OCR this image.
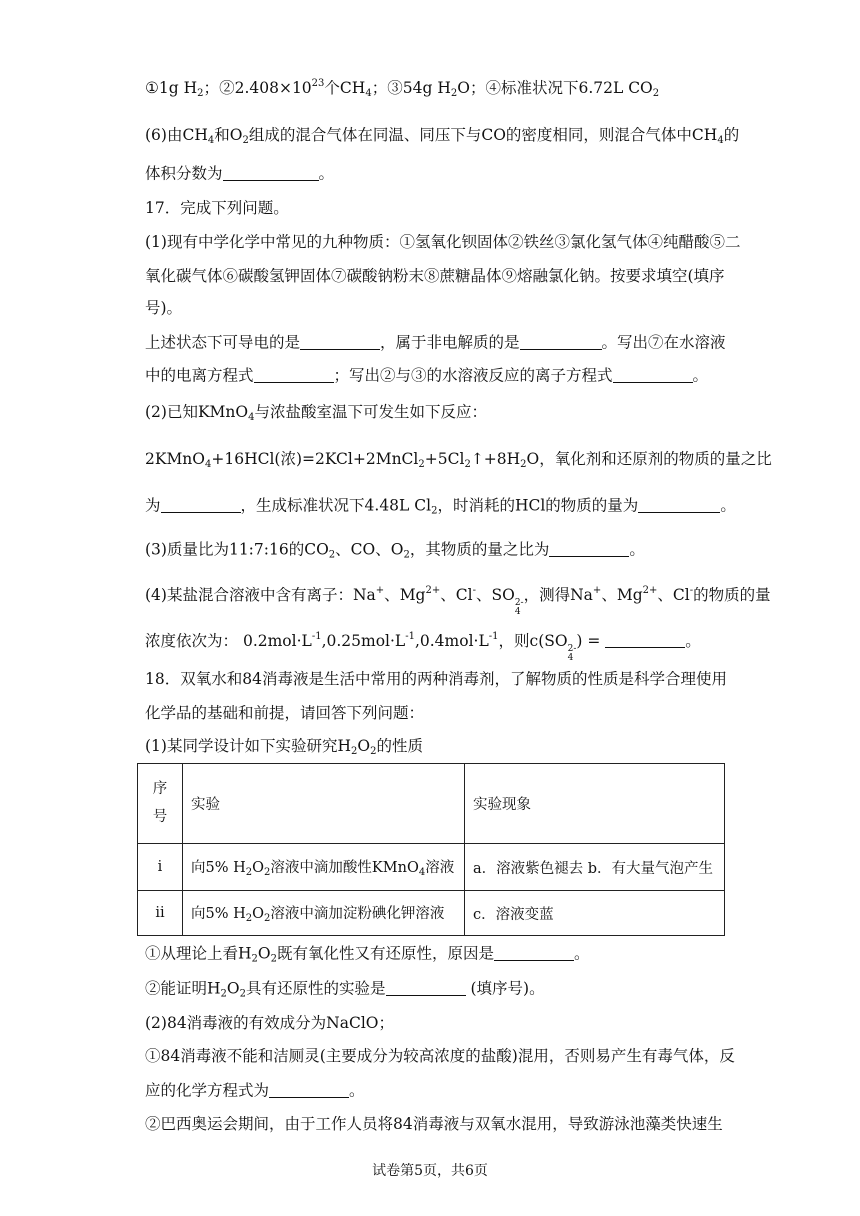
①1g $H_2$；$②2.408\times 10^{23}$个$CH_4$；③54g $H_2O$；④标准状况下6.72L $CO_2$
(6)由$CH_4$和$O_2$组成的混合气体在同温、同压下与CO的密度相同，则混合气体中$CH_4$的
体积分数为	。
17．完成下列问题。
(1)现有中学化学中常见的九种物质：①氢氧化钡固体②铁丝③氯化氢气体④纯醋酸⑤二
氧化碳气体⑥碳酸氢钾固体⑦碳酸钠粉末⑧蔗糖晶体⑨熔融氯化钠。按要求填空(填序
号)。
上述状态下可导电的是	，属于非电解质的是	。写出⑦在水溶液
中的电离方程式	；写出②与③的水溶液反应的离子方程式	。
(2)已知KMnO$_4$与浓盐酸室温下可发生如下反应：
2KMnO$_4$+16HCl(浓)$=2KCl+2MnCl_2+5Cl_2↑+8H_2O$，氧化剂和还原剂的物质的量之比
为	，生成标准状况下4.48L $Cl_2$，时消耗的HCl的物质的量为	。
(3)质量比为11:7:16的$CO_2$、CO、$O_2$，其物质的量之比为	。
(4)某盐混合溶液中含有离子：Na+、$Mg^{2+}$、Cl-、SO 2-
4
，测得Na+、$Mg^{2+}$、Cl-的物质的量
浓度依次为： $0.2mol\cdot L^{-1},0.25mol\cdot L^{-1},0.4mol\cdot L^{-1}$，则c(SO 2-
4
) =	。
18．双氧水和84消毒液是生活中常用的两种消毒剂，了解物质的性质是科学合理使用
化学品的基础和前提，请回答下列问题：
(1)某同学设计如下实验研究$H_2O_2$的性质
序
号	实验	实验现象
i	向5% $H_2O_2$溶液中滴加酸性KMnO$_4$溶液	a．溶液紫色褪去 b．有大量气泡产生
ii	向5% $H_2O_2$溶液中滴加淀粉碘化钾溶液	c．溶液变蓝
①从理论上看$H_2O_2$既有氧化性又有还原性，原因是	。
②能证明$H_2O_2$具有还原性的实验是	(填序号)。
(2)84消毒液的有效成分为NaClO；
①84消毒液不能和洁厕灵(主要成分为较高浓度的盐酸)混用，否则易产生有毒气体，反
应的化学方程式为	。
②巴西奥运会期间，由于工作人员将84消毒液与双氧水混用，导致游泳池藻类快速生
试卷第5页，共6页
